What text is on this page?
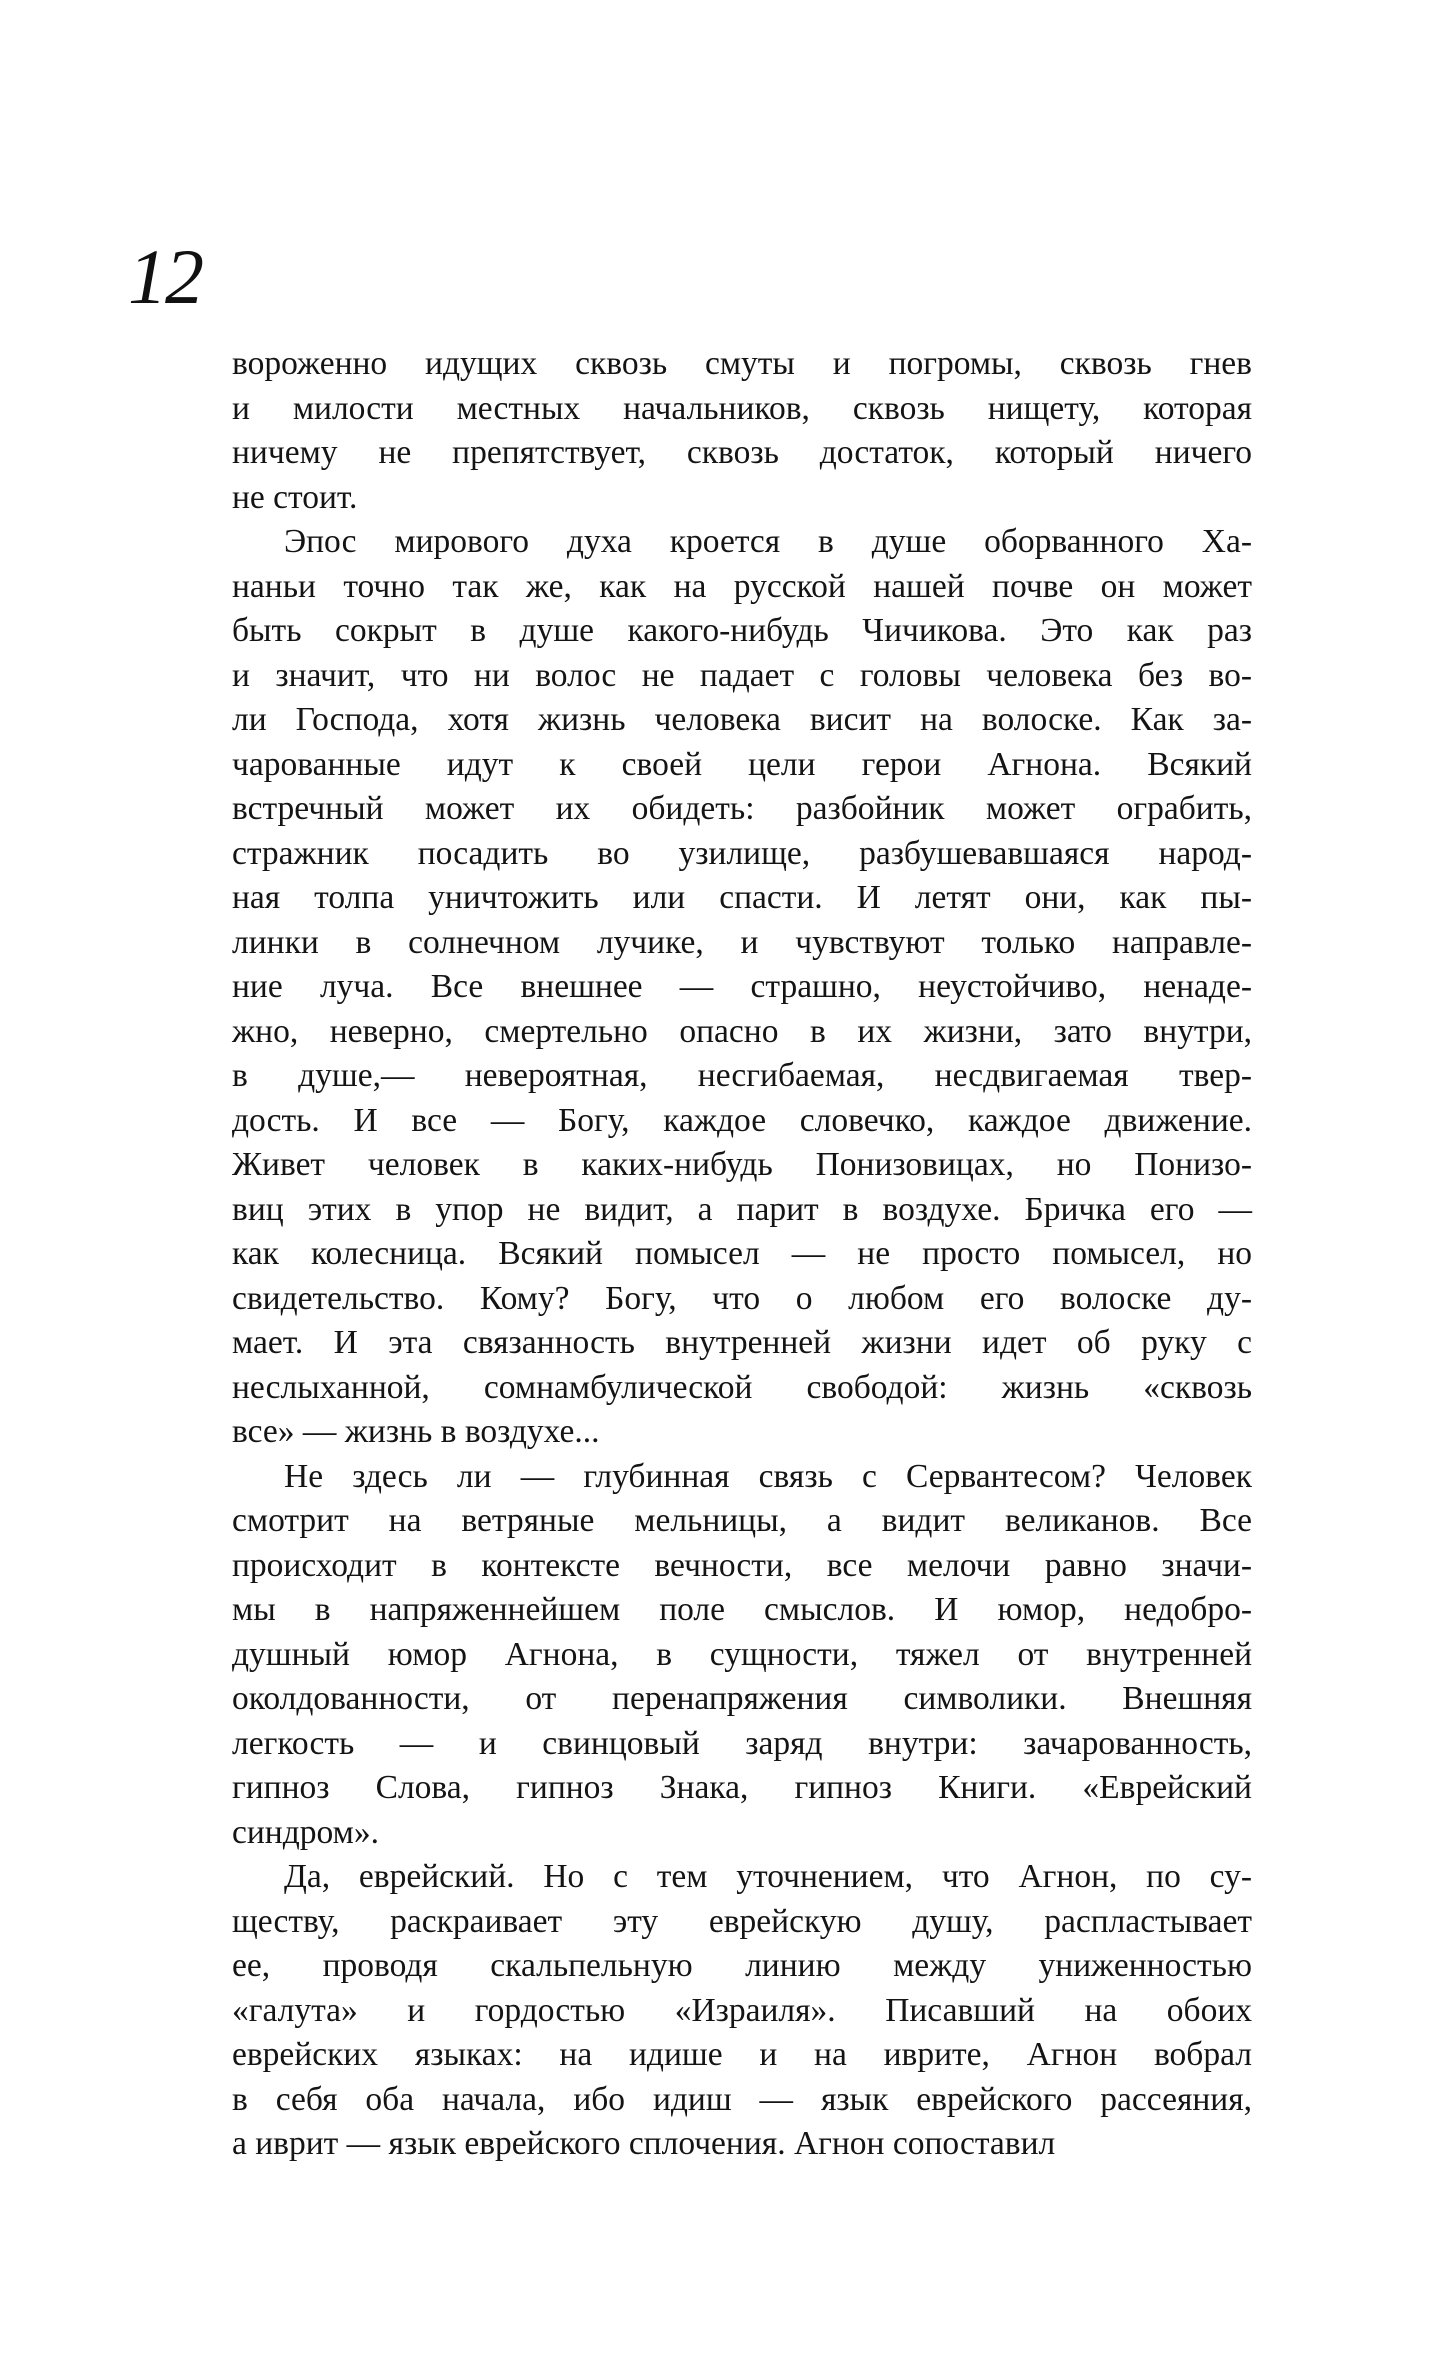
12
вороженно идущих сквозь смуты и погромы, сквозь гнев
и милости местных начальников, сквозь нищету, которая
ничему не препятствует, сквозь достаток, который ничего
не стоит.
Эпос мирового духа кроется в душе оборванного Ха-
наньи точно так же, как на русской нашей почве он может
быть сокрыт в душе какого-нибудь Чичикова. Это как раз
и значит, что ни волос не падает с головы человека без во-
ли Господа, хотя жизнь человека висит на волоске. Как за-
чарованные идут к своей цели герои Агнона. Всякий
встречный может их обидеть: разбойник может ограбить,
стражник посадить во узилище, разбушевавшаяся народ-
ная толпа уничтожить или спасти. И летят они, как пы-
линки в солнечном лучике, и чувствуют только направле-
ние луча. Все внешнее — страшно, неустойчиво, ненаде-
жно, неверно, смертельно опасно в их жизни, зато внутри,
в душе,— невероятная, несгибаемая, несдвигаемая твер-
дость. И все — Богу, каждое словечко, каждое движение.
Живет человек в каких-нибудь Понизовицах, но Понизо-
виц этих в упор не видит, а парит в воздухе. Бричка его —
как колесница. Всякий помысел — не просто помысел, но
свидетельство. Кому? Богу, что о любом его волоске ду-
мает. И эта связанность внутренней жизни идет об руку с
неслыханной, сомнамбулической свободой: жизнь «сквозь
все» — жизнь в воздухе...
Не здесь ли — глубинная связь с Сервантесом? Человек
смотрит на ветряные мельницы, а видит великанов. Все
происходит в контексте вечности, все мелочи равно значи-
мы в напряженнейшем поле смыслов. И юмор, недобро-
душный юмор Агнона, в сущности, тяжел от внутренней
околдованности, от перенапряжения символики. Внешняя
легкость — и свинцовый заряд внутри: зачарованность,
гипноз Слова, гипноз Знака, гипноз Книги. «Еврейский
синдром».
Да, еврейский. Но с тем уточнением, что Агнон, по су-
ществу, раскраивает эту еврейскую душу, распластывает
ее, проводя скальпельную линию между униженностью
«галута» и гордостью «Израиля». Писавший на обоих
еврейских языках: на идише и на иврите, Агнон вобрал
в себя оба начала, ибо идиш — язык еврейского рассеяния,
а иврит — язык еврейского сплочения. Агнон сопоставил
